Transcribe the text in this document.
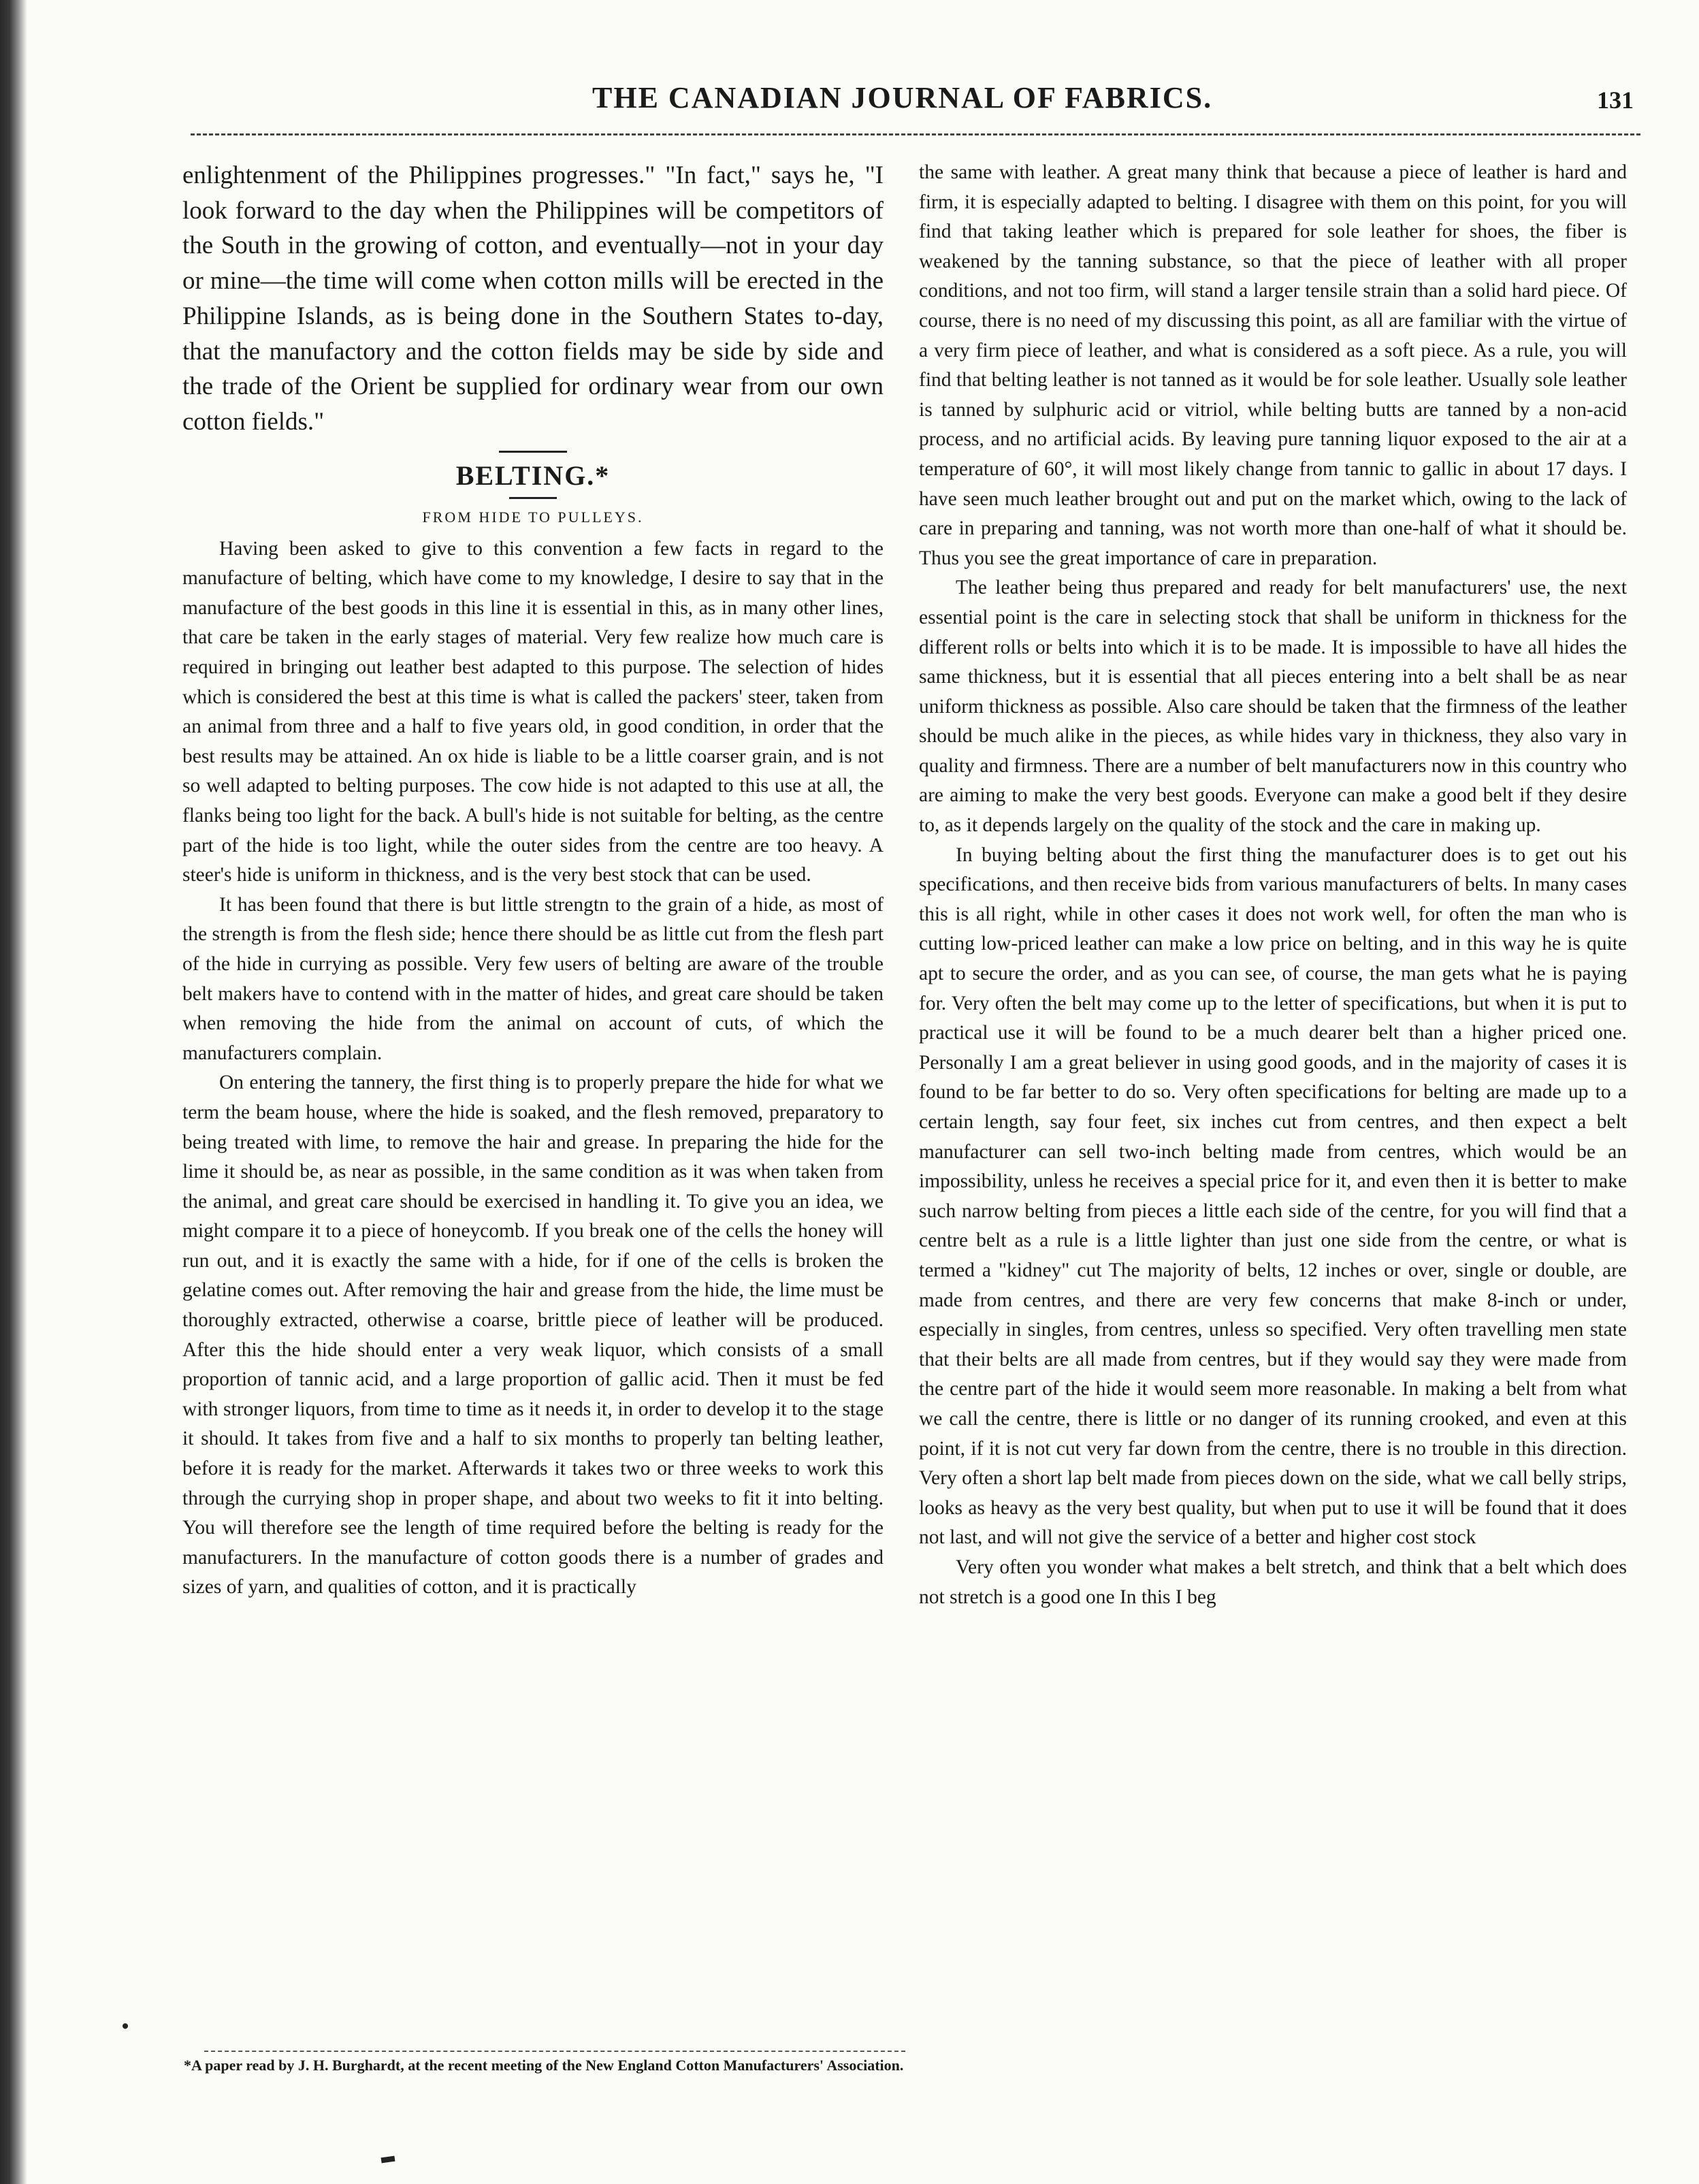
THE CANADIAN JOURNAL OF FABRICS.	131

enlightenment of the Philippines progresses." "In fact," says he, "I look forward to the day when the Philippines will be competitors of the South in the growing of cotton, and eventually—not in your day or mine—the time will come when cotton mills will be erected in the Philippine Islands, as is being done in the Southern States to-day, that the manufactory and the cotton fields may be side by side and the trade of the Orient be supplied for ordinary wear from our own cotton fields."

BELTING.*
FROM HIDE TO PULLEYS.

Having been asked to give to this convention a few facts in regard to the manufacture of belting, which have come to my knowledge, I desire to say that in the manufacture of the best goods in this line it is essential in this, as in many other lines, that care be taken in the early stages of material. Very few realize how much care is required in bringing out leather best adapted to this purpose. The selection of hides which is considered the best at this time is what is called the packers' steer, taken from an animal from three and a half to five years old, in good condition, in order that the best results may be attained. An ox hide is liable to be a little coarser grain, and is not so well adapted to belting purposes. The cow hide is not adapted to this use at all, the flanks being too light for the back. A bull's hide is not suitable for belting, as the centre part of the hide is too light, while the outer sides from the centre are too heavy. A steer's hide is uniform in thickness, and is the very best stock that can be used.

It has been found that there is but little strengtn to the grain of a hide, as most of the strength is from the flesh side; hence there should be as little cut from the flesh part of the hide in currying as possible. Very few users of belting are aware of the trouble belt makers have to contend with in the matter of hides, and great care should be taken when removing the hide from the animal on account of cuts, of which the manufacturers complain.

On entering the tannery, the first thing is to properly prepare the hide for what we term the beam house, where the hide is soaked, and the flesh removed, preparatory to being treated with lime, to remove the hair and grease. In preparing the hide for the lime it should be, as near as possible, in the same condition as it was when taken from the animal, and great care should be exercised in handling it. To give you an idea, we might compare it to a piece of honeycomb. If you break one of the cells the honey will run out, and it is exactly the same with a hide, for if one of the cells is broken the gelatine comes out. After removing the hair and grease from the hide, the lime must be thoroughly extracted, otherwise a coarse, brittle piece of leather will be produced. After this the hide should enter a very weak liquor, which consists of a small proportion of tannic acid, and a large proportion of gallic acid. Then it must be fed with stronger liquors, from time to time as it needs it, in order to develop it to the stage it should. It takes from five and a half to six months to properly tan belting leather, before it is ready for the market. Afterwards it takes two or three weeks to work this through the currying shop in proper shape, and about two weeks to fit it into belting. You will therefore see the length of time required before the belting is ready for the manufacturers. In the manufacture of cotton goods there is a number of grades and sizes of yarn, and qualities of cotton, and it is practically

the same with leather. A great many think that because a piece of leather is hard and firm, it is especially adapted to belting. I disagree with them on this point, for you will find that taking leather which is prepared for sole leather for shoes, the fiber is weakened by the tanning substance, so that the piece of leather with all proper conditions, and not too firm, will stand a larger tensile strain than a solid hard piece. Of course, there is no need of my discussing this point, as all are familiar with the virtue of a very firm piece of leather, and what is considered as a soft piece. As a rule, you will find that belting leather is not tanned as it would be for sole leather. Usually sole leather is tanned by sulphuric acid or vitriol, while belting butts are tanned by a non-acid process, and no artificial acids. By leaving pure tanning liquor exposed to the air at a temperature of 60°, it will most likely change from tannic to gallic in about 17 days. I have seen much leather brought out and put on the market which, owing to the lack of care in preparing and tanning, was not worth more than one-half of what it should be. Thus you see the great importance of care in preparation.

The leather being thus prepared and ready for belt manufacturers' use, the next essential point is the care in selecting stock that shall be uniform in thickness for the different rolls or belts into which it is to be made. It is impossible to have all hides the same thickness, but it is essential that all pieces entering into a belt shall be as near uniform thickness as possible. Also care should be taken that the firmness of the leather should be much alike in the pieces, as while hides vary in thickness, they also vary in quality and firmness. There are a number of belt manufacturers now in this country who are aiming to make the very best goods. Everyone can make a good belt if they desire to, as it depends largely on the quality of the stock and the care in making up.

In buying belting about the first thing the manufacturer does is to get out his specifications, and then receive bids from various manufacturers of belts. In many cases this is all right, while in other cases it does not work well, for often the man who is cutting low-priced leather can make a low price on belting, and in this way he is quite apt to secure the order, and as you can see, of course, the man gets what he is paying for. Very often the belt may come up to the letter of specifications, but when it is put to practical use it will be found to be a much dearer belt than a higher priced one. Personally I am a great believer in using good goods, and in the majority of cases it is found to be far better to do so. Very often specifications for belting are made up to a certain length, say four feet, six inches cut from centres, and then expect a belt manufacturer can sell two-inch belting made from centres, which would be an impossibility, unless he receives a special price for it, and even then it is better to make such narrow belting from pieces a little each side of the centre, for you will find that a centre belt as a rule is a little lighter than just one side from the centre, or what is termed a "kidney" cut The majority of belts, 12 inches or over, single or double, are made from centres, and there are very few concerns that make 8-inch or under, especially in singles, from centres, unless so specified. Very often travelling men state that their belts are all made from centres, but if they would say they were made from the centre part of the hide it would seem more reasonable. In making a belt from what we call the centre, there is little or no danger of its running crooked, and even at this point, if it is not cut very far down from the centre, there is no trouble in this direction. Very often a short lap belt made from pieces down on the side, what we call belly strips, looks as heavy as the very best quality, but when put to use it will be found that it does not last, and will not give the service of a better and higher cost stock

Very often you wonder what makes a belt stretch, and think that a belt which does not stretch is a good one In this I beg

*A paper read by J. H. Burghardt, at the recent meeting of the New England Cotton Manufacturers' Association.
